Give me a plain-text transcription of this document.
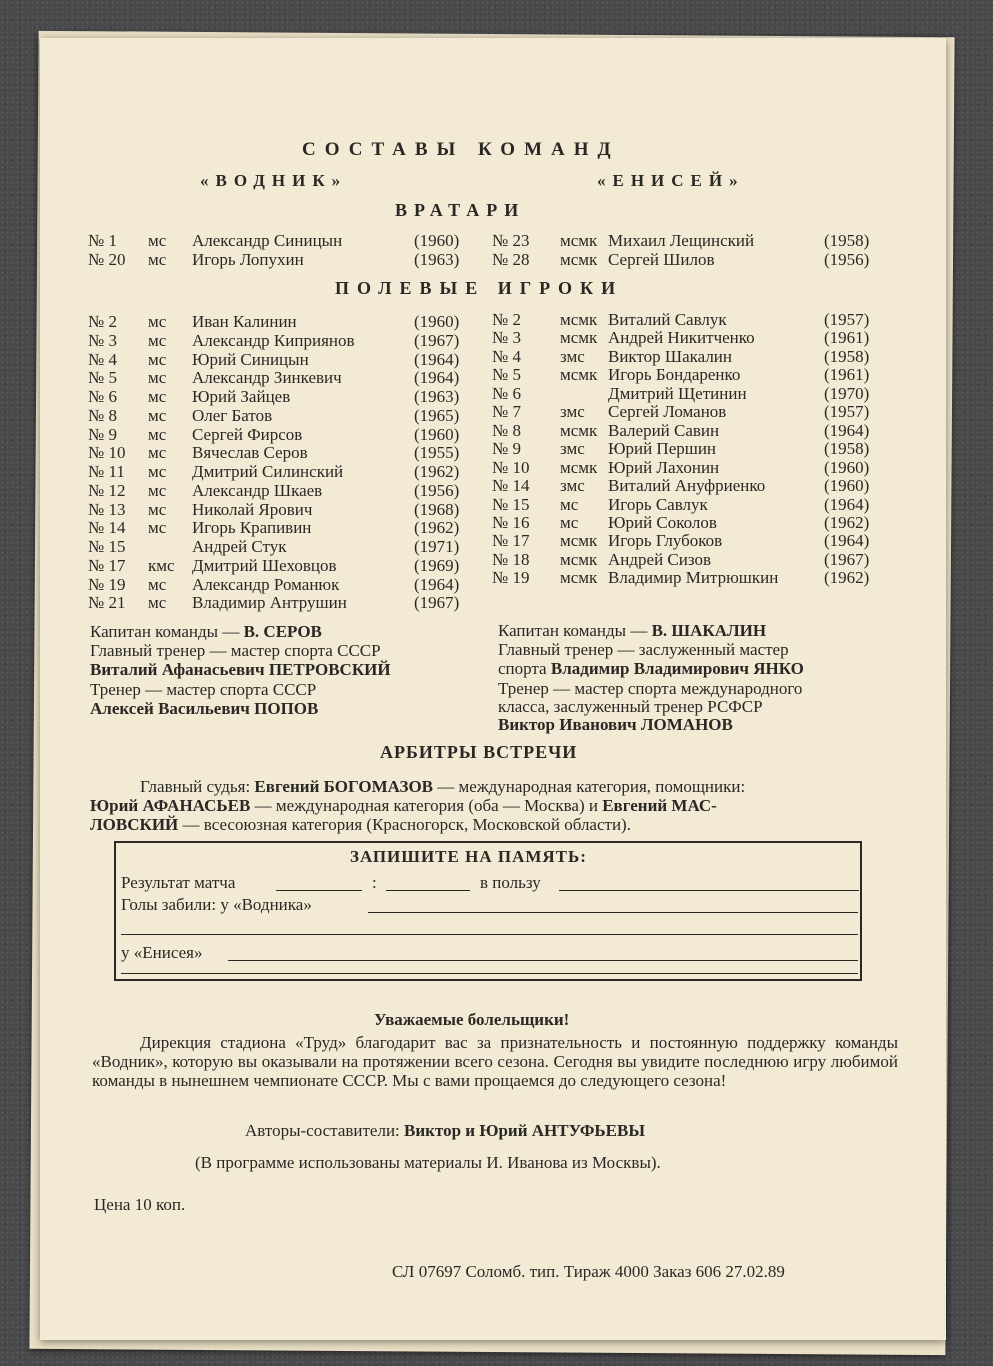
СОСТАВЫ КОМАНД
«ВОДНИК»	«ЕНИСЕЙ»
ВРАТАРИ
№ 1 мс Александр Синицын	(1960)
№ 20 мс Игорь Лопухин	(1963)
№ 23 мсмк Михаил Лещинский	(1958)
№ 28 мсмк Сергей Шилов	(1956)
ПОЛЕВЫЕ ИГРОКИ
№ 2 мс Иван Калинин	(1960)
№ 3 мс Александр Киприянов	(1967)
№ 4 мс Юрий Синицын	(1964)
№ 5 мс Александр Зинкевич	(1964)
№ 6 мс Юрий Зайцев	(1963)
№ 8 мс Олег Батов	(1965)
№ 9 мс Сергей Фирсов	(1960)
№ 10 мс Вячеслав Серов	(1955)
№ 11 мс Дмитрий Силинский	(1962)
№ 12 мс Александр Шкаев	(1956)
№ 13 мс Николай Ярович	(1968)
№ 14 мс Игорь Крапивин	(1962)
№ 15	Андрей Стук	(1971)
№ 17 кмс Дмитрий Шеховцов	(1969)
№ 19 мс Александр Романюк	(1964)
№ 21 мс Владимир Антрушин	(1967)
№ 2 мсмк Виталий Савлук	(1957)
№ 3 мсмк Андрей Никитченко	(1961)
№ 4 змс Виктор Шакалин	(1958)
№ 5 мсмк Игорь Бондаренко	(1961)
№ 6	Дмитрий Щетинин	(1970)
№ 7 змс Сергей Ломанов	(1957)
№ 8 мсмк Валерий Савин	(1964)
№ 9 змс Юрий Першин	(1958)
№ 10 мсмк Юрий Лахонин	(1960)
№ 14 змс Виталий Ануфриенко	(1960)
№ 15 мс Игорь Савлук	(1964)
№ 16 мс Юрий Соколов	(1962)
№ 17 мсмк Игорь Глубоков	(1964)
№ 18 мсмк Андрей Сизов	(1967)
№ 19 мсмк Владимир Митрюшкин	(1962)
Капитан команды — В. СЕРОВ
Главный тренер — мастер спорта СССР
Виталий Афанасьевич ПЕТРОВСКИЙ
Тренер — мастер спорта СССР
Алексей Васильевич ПОПОВ
Капитан команды — В. ШАКАЛИН
Главный тренер — заслуженный мастер
спорта Владимир Владимирович ЯНКО
Тренер — мастер спорта международного
класса, заслуженный тренер РСФСР
Виктор Иванович ЛОМАНОВ
АРБИТРЫ ВСТРЕЧИ
Главный судья: Евгений БОГОМАЗОВ — международная категория, помощники:
Юрий АФАНАСЬЕВ — международная категория (оба — Москва) и Евгений МАС-
ЛОВСКИЙ — всесоюзная категория (Красногорск, Московской области).
ЗАПИШИТЕ НА ПАМЯТЬ:
Результат матча	:	в пользу
Голы забили: у «Водника»
у «Енисея»
Уважаемые болельщики!
Дирекция стадиона «Труд» благодарит вас за признательность и постоянную поддержку команды «Водник», которую вы оказывали на протяжении всего сезона. Сегодня вы увидите последнюю игру любимой команды в нынешнем чемпионате СССР. Мы с вами прощаемся до следующего сезона!
Авторы-составители: Виктор и Юрий АНТУФЬЕВЫ
(В программе использованы материалы И. Иванова из Москвы).
Цена 10 коп.
СЛ 07697 Соломб. тип. Тираж 4000 Заказ 606 27.02.89
